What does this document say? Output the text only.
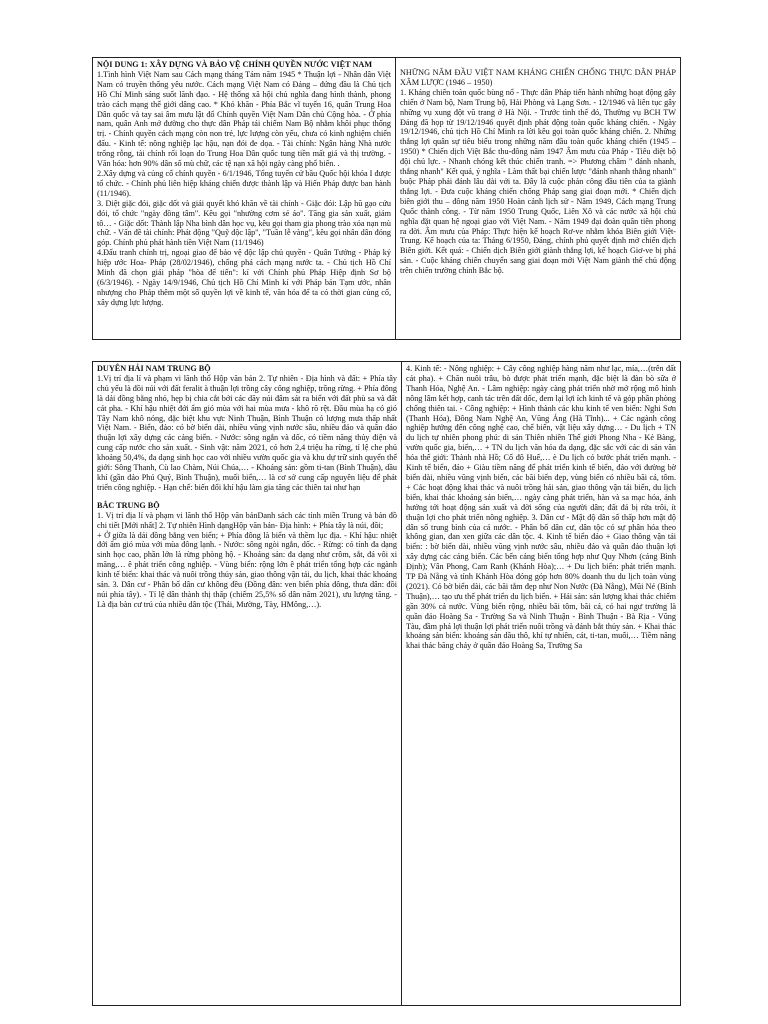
NỘI DUNG 1: XÂY DỰNG VÀ BẢO VỆ CHÍNH QUYỀN NƯỚC VIỆT NAM
1.Tình hình Việt Nam sau Cách mạng tháng Tám năm 1945 * Thuận lợi - Nhân dân Việt Nam có truyền thống yêu nước. Cách mạng Việt Nam có Đảng – đứng đầu là Chủ tịch Hồ Chí Minh sáng suốt lãnh đạo. - Hệ thống xã hội chủ nghĩa đang hình thành, phong trào cách mạng thế giới dâng cao. * Khó khăn - Phía Bắc vĩ tuyến 16, quân Trung Hoa Dân quốc và tay sai âm mưu lật đổ Chính quyền Việt Nam Dân chủ Cộng hòa. - Ở phía nam, quân Anh mở đường cho thực dân Pháp tái chiếm Nam Bộ nhằm khôi phục thống trị. - Chính quyền cách mạng còn non trẻ, lực lượng còn yếu, chưa có kinh nghiệm chiến đấu. - Kinh tế: nông nghiệp lạc hậu, nạn đói đe dọa. - Tài chính: Ngân hàng Nhà nước trống rỗng, tài chính rối loạn do Trung Hoa Dân quốc tung tiền mất giá và thị trường. - Văn hóa: hơn 90% dân số mù chữ, các tệ nạn xã hội ngày càng phổ biến. .
2.Xây dựng và củng cố chính quyền - 6/1/1946, Tổng tuyển cử bầu Quốc hội khóa I được tổ chức. - Chính phủ liên hiệp kháng chiến được thành lập và Hiến Pháp được ban hành (11/1946).
3. Diệt giặc đói, giặc dốt và giải quyết khó khăn về tài chính - Giặc đói: Lập hũ gạo cứu đói, tổ chức "ngày đồng tâm". Kêu gọi "nhường cơm sẻ áo". Tăng gia sản xuất, giảm tô… - Giặc dốt: Thành lập Nha bình dân học vụ, kêu gọi tham gia phong trào xóa nạn mù chữ. - Vấn đề tài chính: Phát động "Quỹ độc lập", "Tuần lễ vàng", kêu gọi nhân dân đóng góp. Chính phủ phát hành tiền Việt Nam (11/1946)
4.Đấu tranh chính trị, ngoại giao để bảo vệ độc lập chủ quyền - Quân Tưởng - Pháp ký hiệp ước Hoa- Pháp (28/02/1946), chống phá cách mạng nước ta. - Chủ tịch Hồ Chí Minh đã chọn giải pháp "hòa để tiến": kí với Chính phủ Pháp Hiệp định Sơ bộ (6/3/1946). - Ngày 14/9/1946, Chủ tịch Hồ Chí Minh kí với Pháp bản Tạm ước, nhân nhượng cho Pháp thêm một số quyền lợi về kinh tế, văn hóa để ta có thời gian củng cố, xây dựng lực lượng.
NHỮNG NĂM ĐẦU VIỆT NAM KHÁNG CHIẾN CHỐNG THỰC DÂN PHÁP XÂM LƯỢC (1946 – 1950)
1. Kháng chiến toàn quốc bùng nổ - Thực dân Pháp tiến hành những hoạt động gây chiến ở Nam bộ, Nam Trung bộ, Hải Phòng và Lạng Sơn. - 12/1946 và liên tục gây những vụ xung đột vũ trang ở Hà Nội. - Trước tình thế đó, Thường vụ BCH TW Đảng đã họp từ 19/12/1946 quyết định phát động toàn quốc kháng chiến. - Ngày 19/12/1946, chủ tịch Hồ Chí Minh ra lời kêu gọi toàn quốc kháng chiến. 2. Những thắng lợi quân sự tiêu biểu trong những năm đầu toàn quốc kháng chiến (1945 – 1950) * Chiến dịch Việt Bắc thu-đông năm 1947 Âm mưu của Pháp - Tiêu diệt bộ đội chủ lực. - Nhanh chóng kết thúc chiến tranh. => Phương châm " đánh nhanh, thắng nhanh" Kết quả, ý nghĩa - Làm thất bại chiến lược "đánh nhanh thắng nhanh" buộc Pháp phải đánh lâu dài với ta. Đây là cuộc phản công đầu tiên của ta giành thắng lợi. - Đưa cuộc kháng chiến chống Pháp sang giai đoạn mới. * Chiến dịch biên giới thu – đông năm 1950 Hoàn cảnh lịch sử - Năm 1949, Cách mạng Trung Quốc thành công. - Từ năm 1950 Trung Quốc, Liên Xô và các nước xã hội chủ nghĩa đặt quan hệ ngoại giao với Việt Nam. - Năm 1949 đại đoàn quân tiên phong ra đời. Âm mưu của Pháp: Thực hiện kế hoạch Rơ-ve nhằm khóa Biên giới Việt-Trung. Kế hoạch của ta: Tháng 6/1950, Đảng, chính phủ quyết định mở chiến dịch Biên giới. Kết quả: - Chiến dịch Biên giới giành thắng lợi, kế hoạch Giơ-ve bị phá sản. - Cuộc kháng chiến chuyển sang giai đoạn mới Việt Nam giành thế chủ động trên chiến trường chính Bắc bộ.
DUYÊN HẢI NAM TRUNG BỘ
1.Vị trí địa lí và phạm vi lãnh thổ Hộp văn bản 2. Tự nhiên - Địa hình và đất: + Phía tây chủ yếu là đồi núi với đất feralit à thuận lợi trồng cây công nghiệp, trồng rừng. + Phía đông là dải đồng bằng nhỏ, hẹp bị chia cắt bởi các dãy núi đâm sát ra biển với đất phù sa và đất cát pha. - Khí hậu nhiệt đới ẩm gió mùa với hai mùa mưa - khô rõ rệt. Đầu mùa hạ có gió Tây Nam khô nóng, đặc biệt khu vực Ninh Thuận, Bình Thuận có lượng mưa thấp nhất Việt Nam. - Biển, đảo: có bờ biển dài, nhiều vũng vịnh nước sâu, nhiều đảo và quần đảo thuận lợi xây dựng các cảng biển. - Nước: sông ngắn và dốc, có tiềm năng thủy điện và cung cấp nước cho sản xuất. - Sinh vật: năm 2021, có hơn 2,4 triệu ha rừng, tỉ lệ che phủ khoảng 50,4%, đa dạng sinh học cao với nhiều vườn quốc gia và khu dự trữ sinh quyển thế giới: Sông Thanh, Cù lao Chàm, Núi Chúa,… - Khoáng sản: gồm ti-tan (Bình Thuận), dầu khí (gần đảo Phú Quý, Bình Thuận), muối biển,… là cơ sở cung cấp nguyên liệu để phát triển công nghiệp. - Hạn chế: biến đổi khí hậu làm gia tăng các thiên tai như hạn

BẮC TRUNG BỘ
1. Vị trí địa lí và phạm vi lãnh thổ Hộp văn bảnDanh sách các tỉnh miền Trung và bản đồ chi tiết [Mới nhất] 2. Tự nhiên Hình dạngHộp văn bản- Địa hình: + Phía tây là núi, đồi;
+ Ở giữa là dải đồng bằng ven biển; + Phía đông là biển và thềm lục địa. - Khí hậu: nhiệt đới ẩm gió mùa với mùa đông lạnh. - Nước: sông ngòi ngắn, dốc. - Rừng: có tính đa dạng sinh học cao, phần lớn là rừng phòng hộ. - Khoáng sản: đa dạng như crôm, sắt, đá vôi xi măng,… ê phát triển công nghiệp. - Vùng biển: rộng lớn ê phát triển tổng hợp các ngành kinh tế biển: khai thác và nuôi trồng thủy sản, giao thông vận tải, du lịch, khai thác khoáng sản. 3. Dân cư - Phân bố dân cư không đều (Đồng đân: ven biển phía đông, thưa dân: đồi núi phía tây). - Tỉ lệ dân thành thị thấp (chiếm 25,5% số dân năm 2021), ưu lượng tăng. - Là địa bàn cư trú của nhiều dân tộc (Thái, Mường, Tày, HMông,…).
4. Kinh tế: - Nông nghiệp: + Cây công nghiệp hàng năm như lạc, mía,…(trên đất cát pha). + Chăn nuôi trâu, bò được phát triển mạnh, đặc biệt là đàn bò sữa ở Thanh Hóa, Nghệ An. - Lâm nghiệp: ngày càng phát triển nhờ mở rộng mô hình nông lâm kết hợp, canh tác trên đất dốc, đem lại lợi ích kinh tế và góp phần phòng chống thiên tai. - Công nghiệp: + Hình thành các khu kinh tế ven biển: Nghi Sơn (Thanh Hóa), Đông Nam Nghệ An, Vũng Áng (Hà Tĩnh)... + Các ngành công nghiệp hướng đến công nghệ cao, chế biến, vật liệu xây dựng… - Du lịch + TN du lịch tự nhiên phong phú: di sản Thiên nhiên Thế giới Phong Nha - Kẻ Bàng, vườn quốc gia, biển,… + TN du lịch văn hóa đa dạng, đặc sắc với các di sản văn hóa thế giới: Thành nhà Hồ; Cố đô Huế,… è Du lịch có bước phát triển mạnh. - Kinh tế biển, đảo + Giàu tiềm năng để phát triển kinh tế biển, đảo với đường bờ biển dài, nhiều vũng vịnh biển, các bãi biển đẹp, vùng biển có nhiều bãi cá, tôm. + Các hoạt động khai thác và nuôi trồng hải sản, giao thông vận tải biển, du lịch biển, khai thác khoáng sản biển,… ngày càng phát triển, hàn và sa mạc hóa, ảnh hưởng tới hoạt động sản xuất và đời sống của người dân; đất đá bị rửa trôi, ít thuận lợi cho phát triển nông nghiệp. 3. Dân cư - Mật độ dân số thấp hơn mật độ dân số trung bình của cả nước. - Phân bố dân cư, dân tộc có sự phân hóa theo không gian, đan xen giữa các dân tộc. 4. Kinh tế biển đảo + Giao thông vận tải biển: : bờ biển dài, nhiều vũng vịnh nước sâu, nhiều đảo và quần đảo thuận lợi xây dựng các cảng biển. Các bến cảng biển tổng hợp như Quy Nhơn (cảng Bình Định); Vân Phong, Cam Ranh (Khánh Hòa);… + Du lịch biển: phát triển mạnh. TP Đà Nẵng và tỉnh Khánh Hòa đóng góp hơn 80% doanh thu du lịch toàn vùng (2021). Có bờ biển dài, các bãi tắm đẹp như Non Nước (Đà Nẵng), Mũi Né (Bình Thuận),… tạo ưu thế phát triển du lịch biển. + Hải sản: sản lượng khai thác chiếm gần 30% cả nước. Vùng biển rộng, nhiều bãi tôm, bãi cá, có hai ngư trường là quần đảo Hoàng Sa - Trường Sa và Ninh Thuận - Bình Thuận - Bà Rịa - Vũng Tàu, đầm phá lợi thuận lợi phát triển nuôi trồng và đánh bắt thủy sản. + Khai thác khoáng sản biển: khoáng sản dầu thô, khí tự nhiên, cát, ti-tan, muối,… Tiềm năng khai thác băng cháy ở quần đảo Hoàng Sa, Trường Sa
